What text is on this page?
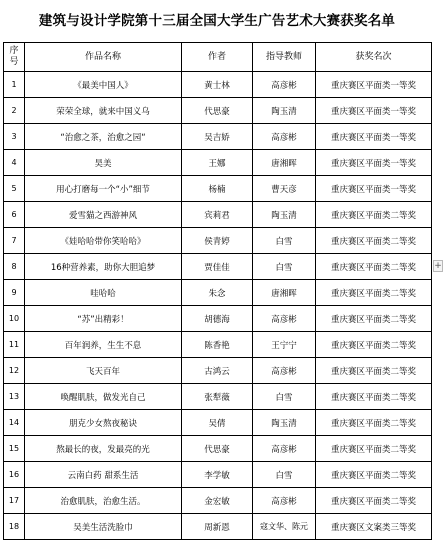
建筑与设计学院第十三届全国大学生广告艺术大赛获奖名单
序号	作品名称	作者	指导教师	获奖名次
1	《最美中国人》	黄士林	高彦彬	重庆赛区平面类一等奖
2	荣荣全球，就来中国义乌	代思豪	陶玉清	重庆赛区平面类一等奖
3	“治愈之茶，治愈之园“	吴吉娇	高彦彬	重庆赛区平面类一等奖
4	昊美	王娜	唐湘晖	重庆赛区平面类一等奖
5	用心打磨每一个“小”细节	杨楠	曹天彦	重庆赛区平面类一等奖
6	爱雪猫之西游神风	宾莉君	陶玉清	重庆赛区平面类二等奖
7	《娃哈哈带你笑哈哈》	侯青婷	白雪	重庆赛区平面类二等奖
8	16种营养素，助你大胆追梦	贾佳佳	白雪	重庆赛区平面类二等奖
9	哇哈哈	朱念	唐湘晖	重庆赛区平面类二等奖
10	“苏”出精彩！	胡德海	高彦彬	重庆赛区平面类二等奖
11	百年润养，生生不息	陈香艳	王宁宁	重庆赛区平面类二等奖
12	飞天百年	古鸿云	高彦彬	重庆赛区平面类二等奖
13	唤醒肌肤，做发光自己	张犁薇	白雪	重庆赛区平面类二等奖
14	朋克少女熬夜秘诀	吴倩	陶玉清	重庆赛区平面类二等奖
15	熬最长的夜，发最亮的光	代思豪	高彦彬	重庆赛区平面类二等奖
16	云南白药 甜系生活	李学敏	白雪	重庆赛区平面类二等奖
17	治愈肌肤，治愈生活。	金宏敏	高彦彬	重庆赛区平面类二等奖
18	吴美生活洗脸巾	周新恩	寇文华、陈元	重庆赛区文案类三等奖
+
